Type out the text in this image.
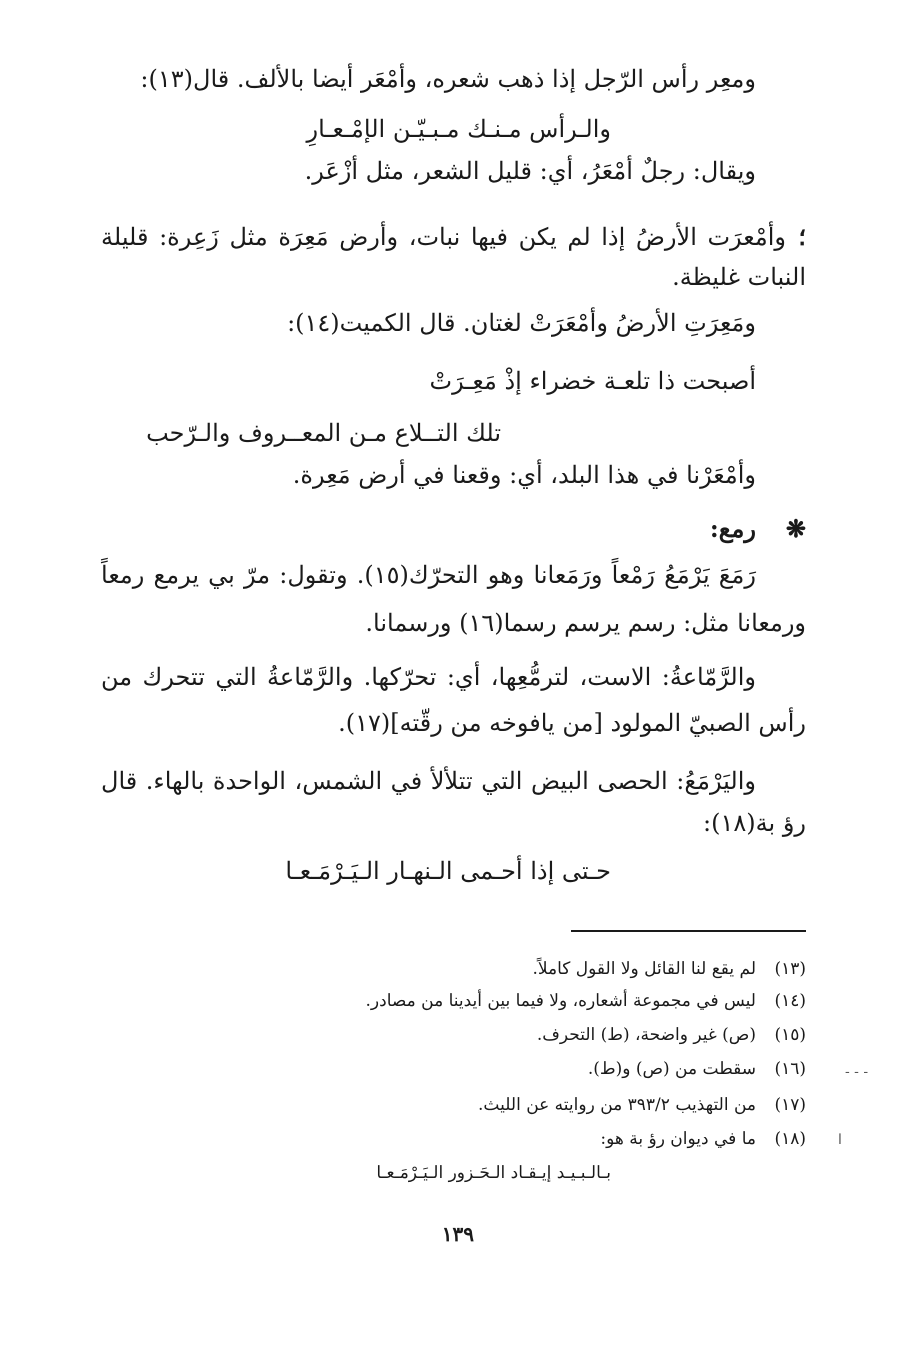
ومعِر رأس الرّجل إذا ذهب شعره، وأمْعَر أيضا بالألف. قال(١٣):
والـرأس مـنـك مـبـيّـن الإمْـعـارِ
ويقال: رجلٌ أمْعَرُ، أي: قليل الشعر، مثل أزْعَر.
؛
وأمْعرَت الأرضُ إذا لم يكن فيها نبات، وأرض مَعِرَة مثل زَعِرة: قليلة
النبات غليظة.
ومَعِرَتِ الأرضُ وأمْعَرَتْ لغتان. قال الكميت(١٤):
أصبحت ذا تلعـة خضراء إذْ مَعِـرَتْ
تلك التــلاع مـن المعــروف والـرّحب
وأمْعَرْنا في هذا البلد، أي: وقعنا في أرض مَعِرة.
❋
رمع:
رَمَعَ يَرْمَعُ رَمْعاً ورَمَعانا وهو التحرّك(١٥). وتقول: مرّ بي يرمع رمعاً
ورمعانا مثل: رسم يرسم رسما(١٦) ورسمانا.
والرَّمّاعةُ: الاست، لترمُّعِها، أي: تحرّكها. والرَّمّاعةُ التي تتحرك من
رأس الصبيّ المولود [من يافوخه من رقّته](١٧).
واليَرْمَعُ: الحصى البيض التي تتلألأ في الشمس، الواحدة بالهاء. قال
رؤ بة(١٨):
حـتى إذا أحـمى الـنهـار الـيَـرْمَـعـا
(١٣)لم يقع لنا القائل ولا القول كاملاً.
(١٤)ليس في مجموعة أشعاره، ولا فيما بين أيدينا من مصادر.
(١٥)(ص) غير واضحة، (ط) التحرف.
(١٦)سقطت من (ص) و(ط).
(١٧)من التهذيب ٣٩٣/٢ من روايته عن الليث.
(١٨)ما في ديوان رؤ بة هو:
بـالـبـيـد إيـقـاد الـحَـزور الـيَـرْمَـعـا
١٣٩
- - -
ا
